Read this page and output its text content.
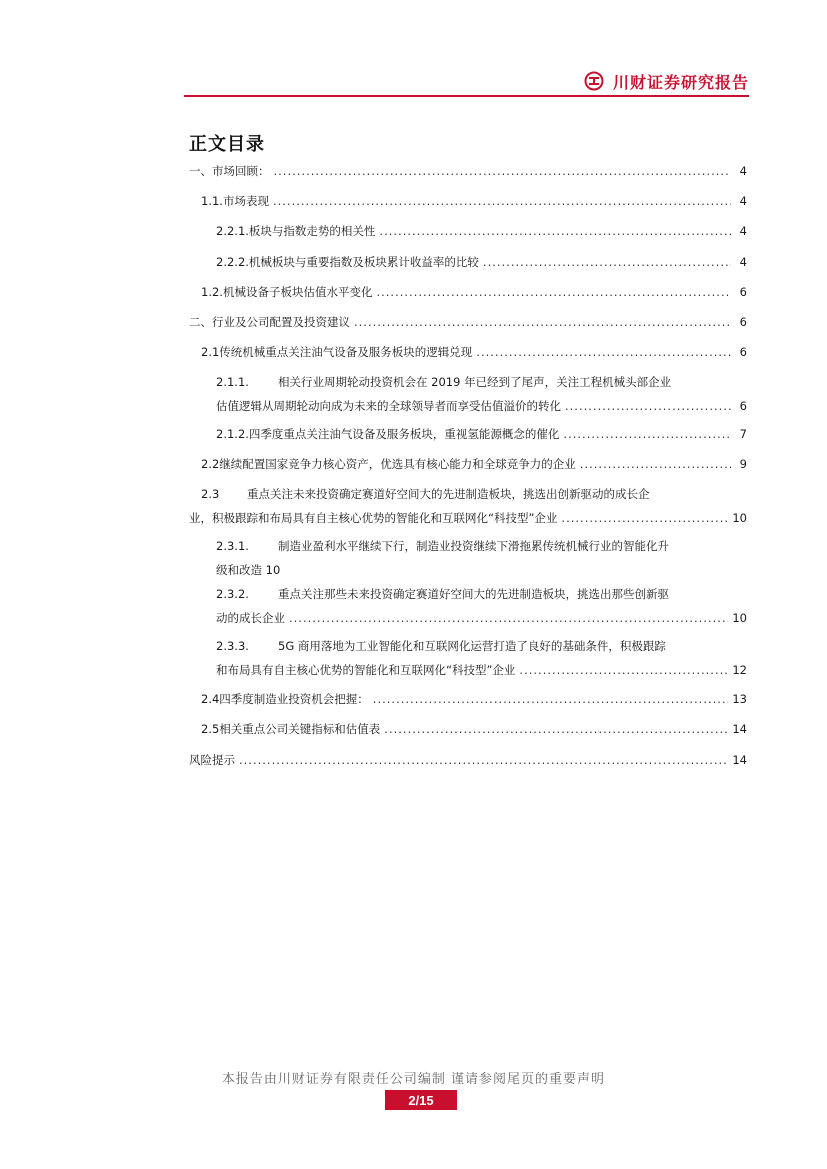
川财证券研究报告
正文目录
一、 市场回顾： .....	4
1.1. 市场表现 .....	4
2.2.1. 板块与指数走势的相关性 .....	4
2.2.2. 机械板块与重要指数及板块累计收益率的比较 .....	4
1.2. 机械设备子板块估值水平变化 .....	6
二、 行业及公司配置及投资建议 .....	6
2.1 传统机械重点关注油气设备及服务板块的逻辑兑现 .....	6
2.1.1.	相关行业周期轮动投资机会在 2019 年已经到了尾声，关注工程机械头部企业
估值逻辑从周期轮动向成为未来的全球领导者而享受估值溢价的转化 .....	6
2.1.2. 四季度重点关注油气设备及服务板块，重视氢能源概念的催化 .....	7
2.2 继续配置国家竞争力核心资产，优选具有核心能力和全球竞争力的企业 .....	9
2.3 重点关注未来投资确定赛道好空间大的先进制造板块，挑选出创新驱动的成长企
业，积极跟踪和布局具有自主核心优势的智能化和互联网化“科技型”企业 .....	10
2.3.1.	制造业盈利水平继续下行，制造业投资继续下滑拖累传统机械行业的智能化升
级和改造 10
2.3.2.	重点关注那些未来投资确定赛道好空间大的先进制造板块，挑选出那些创新驱
动的成长企业 .....	10
2.3.3.	5G 商用落地为工业智能化和互联网化运营打造了良好的基础条件，积极跟踪
和布局具有自主核心优势的智能化和互联网化“科技型”企业 .....	12
2.4 四季度制造业投资机会把握： .....	13
2.5 相关重点公司关键指标和估值表 .....	14
风险提示 .....	14
本报告由川财证券有限责任公司编制 谨请参阅尾页的重要声明
2/15
